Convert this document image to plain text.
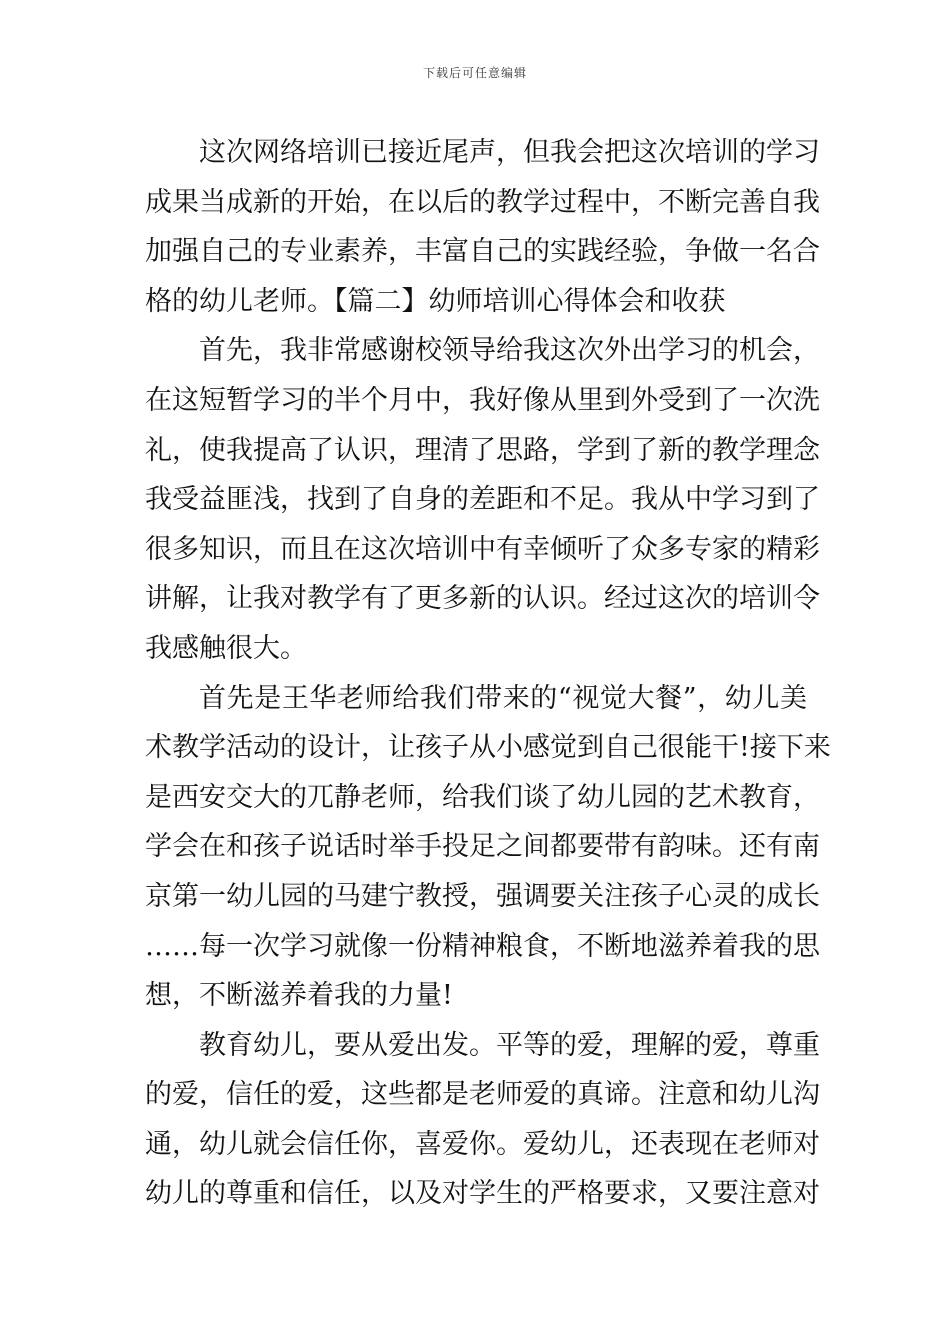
下载后可任意编辑
这次网络培训已接近尾声，但我会把这次培训的学习
成果当成新的开始，在以后的教学过程中，不断完善自我
加强自己的专业素养，丰富自己的实践经验，争做一名合
格的幼儿老师。【篇二】幼师培训心得体会和收获
首先，我非常感谢校领导给我这次外出学习的机会，
在这短暂学习的半个月中，我好像从里到外受到了一次洗
礼，使我提高了认识，理清了思路，学到了新的教学理念
我受益匪浅，找到了自身的差距和不足。我从中学习到了
很多知识，而且在这次培训中有幸倾听了众多专家的精彩
讲解，让我对教学有了更多新的认识。经过这次的培训令
我感触很大。
首先是王华老师给我们带来的“视觉大餐”，幼儿美
术教学活动的设计，让孩子从小感觉到自己很能干!接下来
是西安交大的兀静老师，给我们谈了幼儿园的艺术教育，
学会在和孩子说话时举手投足之间都要带有韵味。还有南
京第一幼儿园的马建宁教授，强调要关注孩子心灵的成长
……每一次学习就像一份精神粮食，不断地滋养着我的思
想，不断滋养着我的力量!
教育幼儿，要从爱出发。平等的爱，理解的爱，尊重
的爱，信任的爱，这些都是老师爱的真谛。注意和幼儿沟
通，幼儿就会信任你，喜爱你。爱幼儿，还表现在老师对
幼儿的尊重和信任，以及对学生的严格要求，又要注意对
